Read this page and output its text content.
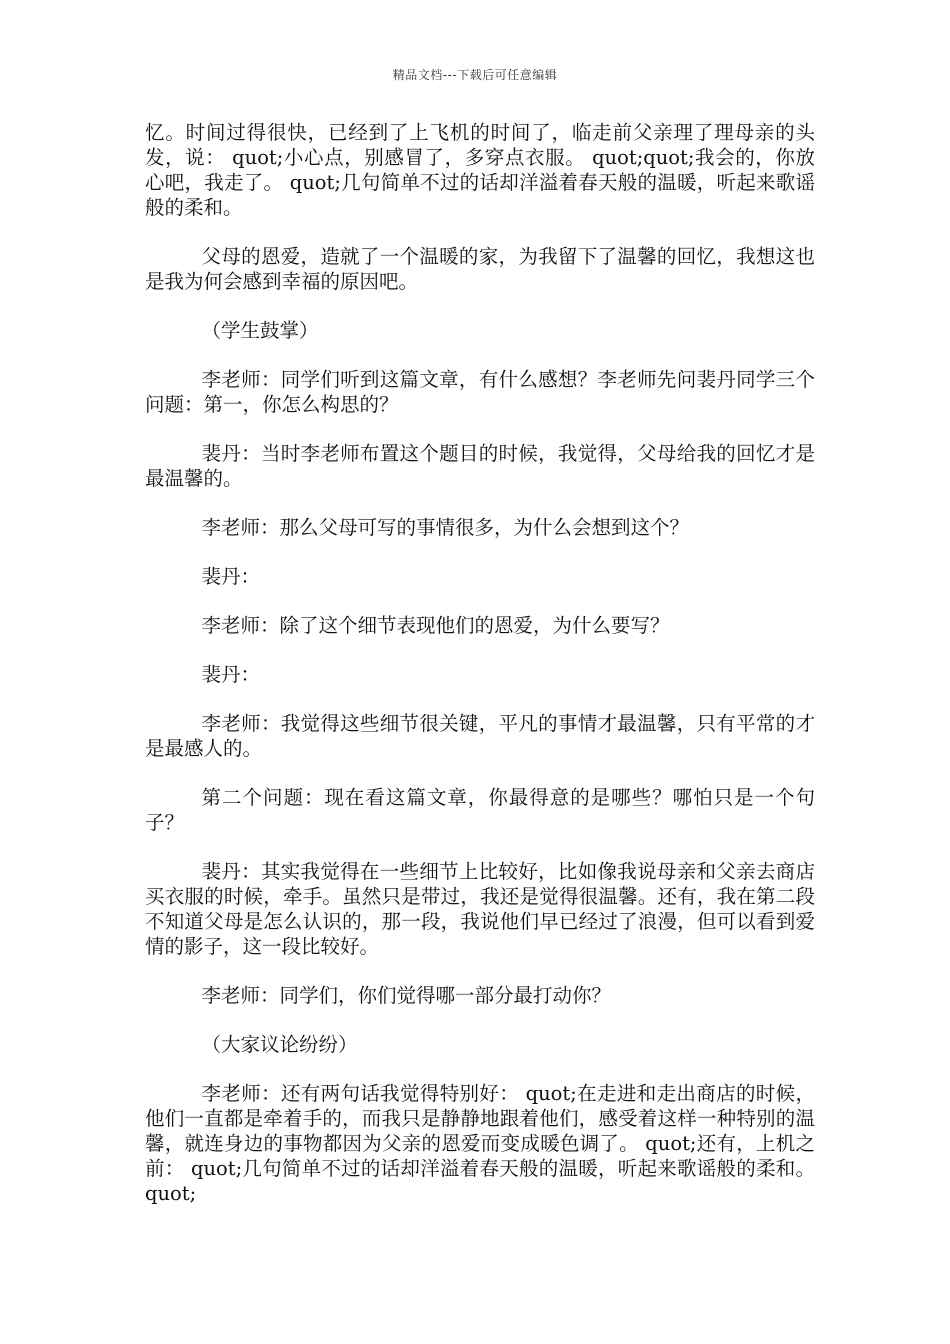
精品文档---下载后可任意编辑

忆。时间过得很快，已经到了上飞机的时间了，临走前父亲理了理母亲的头发，说： quot;小心点，别感冒了，多穿点衣服。 quot;quot;我会的，你放心吧，我走了。 quot;几句简单不过的话却洋溢着春天般的温暖，听起来歌谣般的柔和。

父母的恩爱，造就了一个温暖的家，为我留下了温馨的回忆，我想这也是我为何会感到幸福的原因吧。

（学生鼓掌）

李老师：同学们听到这篇文章，有什么感想？李老师先问裴丹同学三个问题：第一，你怎么构思的？

裴丹：当时李老师布置这个题目的时候，我觉得，父母给我的回忆才是最温馨的。

李老师：那么父母可写的事情很多，为什么会想到这个？

裴丹：

李老师：除了这个细节表现他们的恩爱，为什么要写？

裴丹：

李老师：我觉得这些细节很关键，平凡的事情才最温馨，只有平常的才是最感人的。

第二个问题：现在看这篇文章，你最得意的是哪些？哪怕只是一个句子？

裴丹：其实我觉得在一些细节上比较好，比如像我说母亲和父亲去商店买衣服的时候，牵手。虽然只是带过，我还是觉得很温馨。还有，我在第二段不知道父母是怎么认识的，那一段，我说他们早已经过了浪漫，但可以看到爱情的影子，这一段比较好。

李老师：同学们，你们觉得哪一部分最打动你？

（大家议论纷纷）

李老师：还有两句话我觉得特别好： quot;在走进和走出商店的时候，他们一直都是牵着手的，而我只是静静地跟着他们，感受着这样一种特别的温馨，就连身边的事物都因为父亲的恩爱而变成暖色调了。 quot;还有，上机之前： quot;几句简单不过的话却洋溢着春天般的温暖，听起来歌谣般的柔和。 quot;
